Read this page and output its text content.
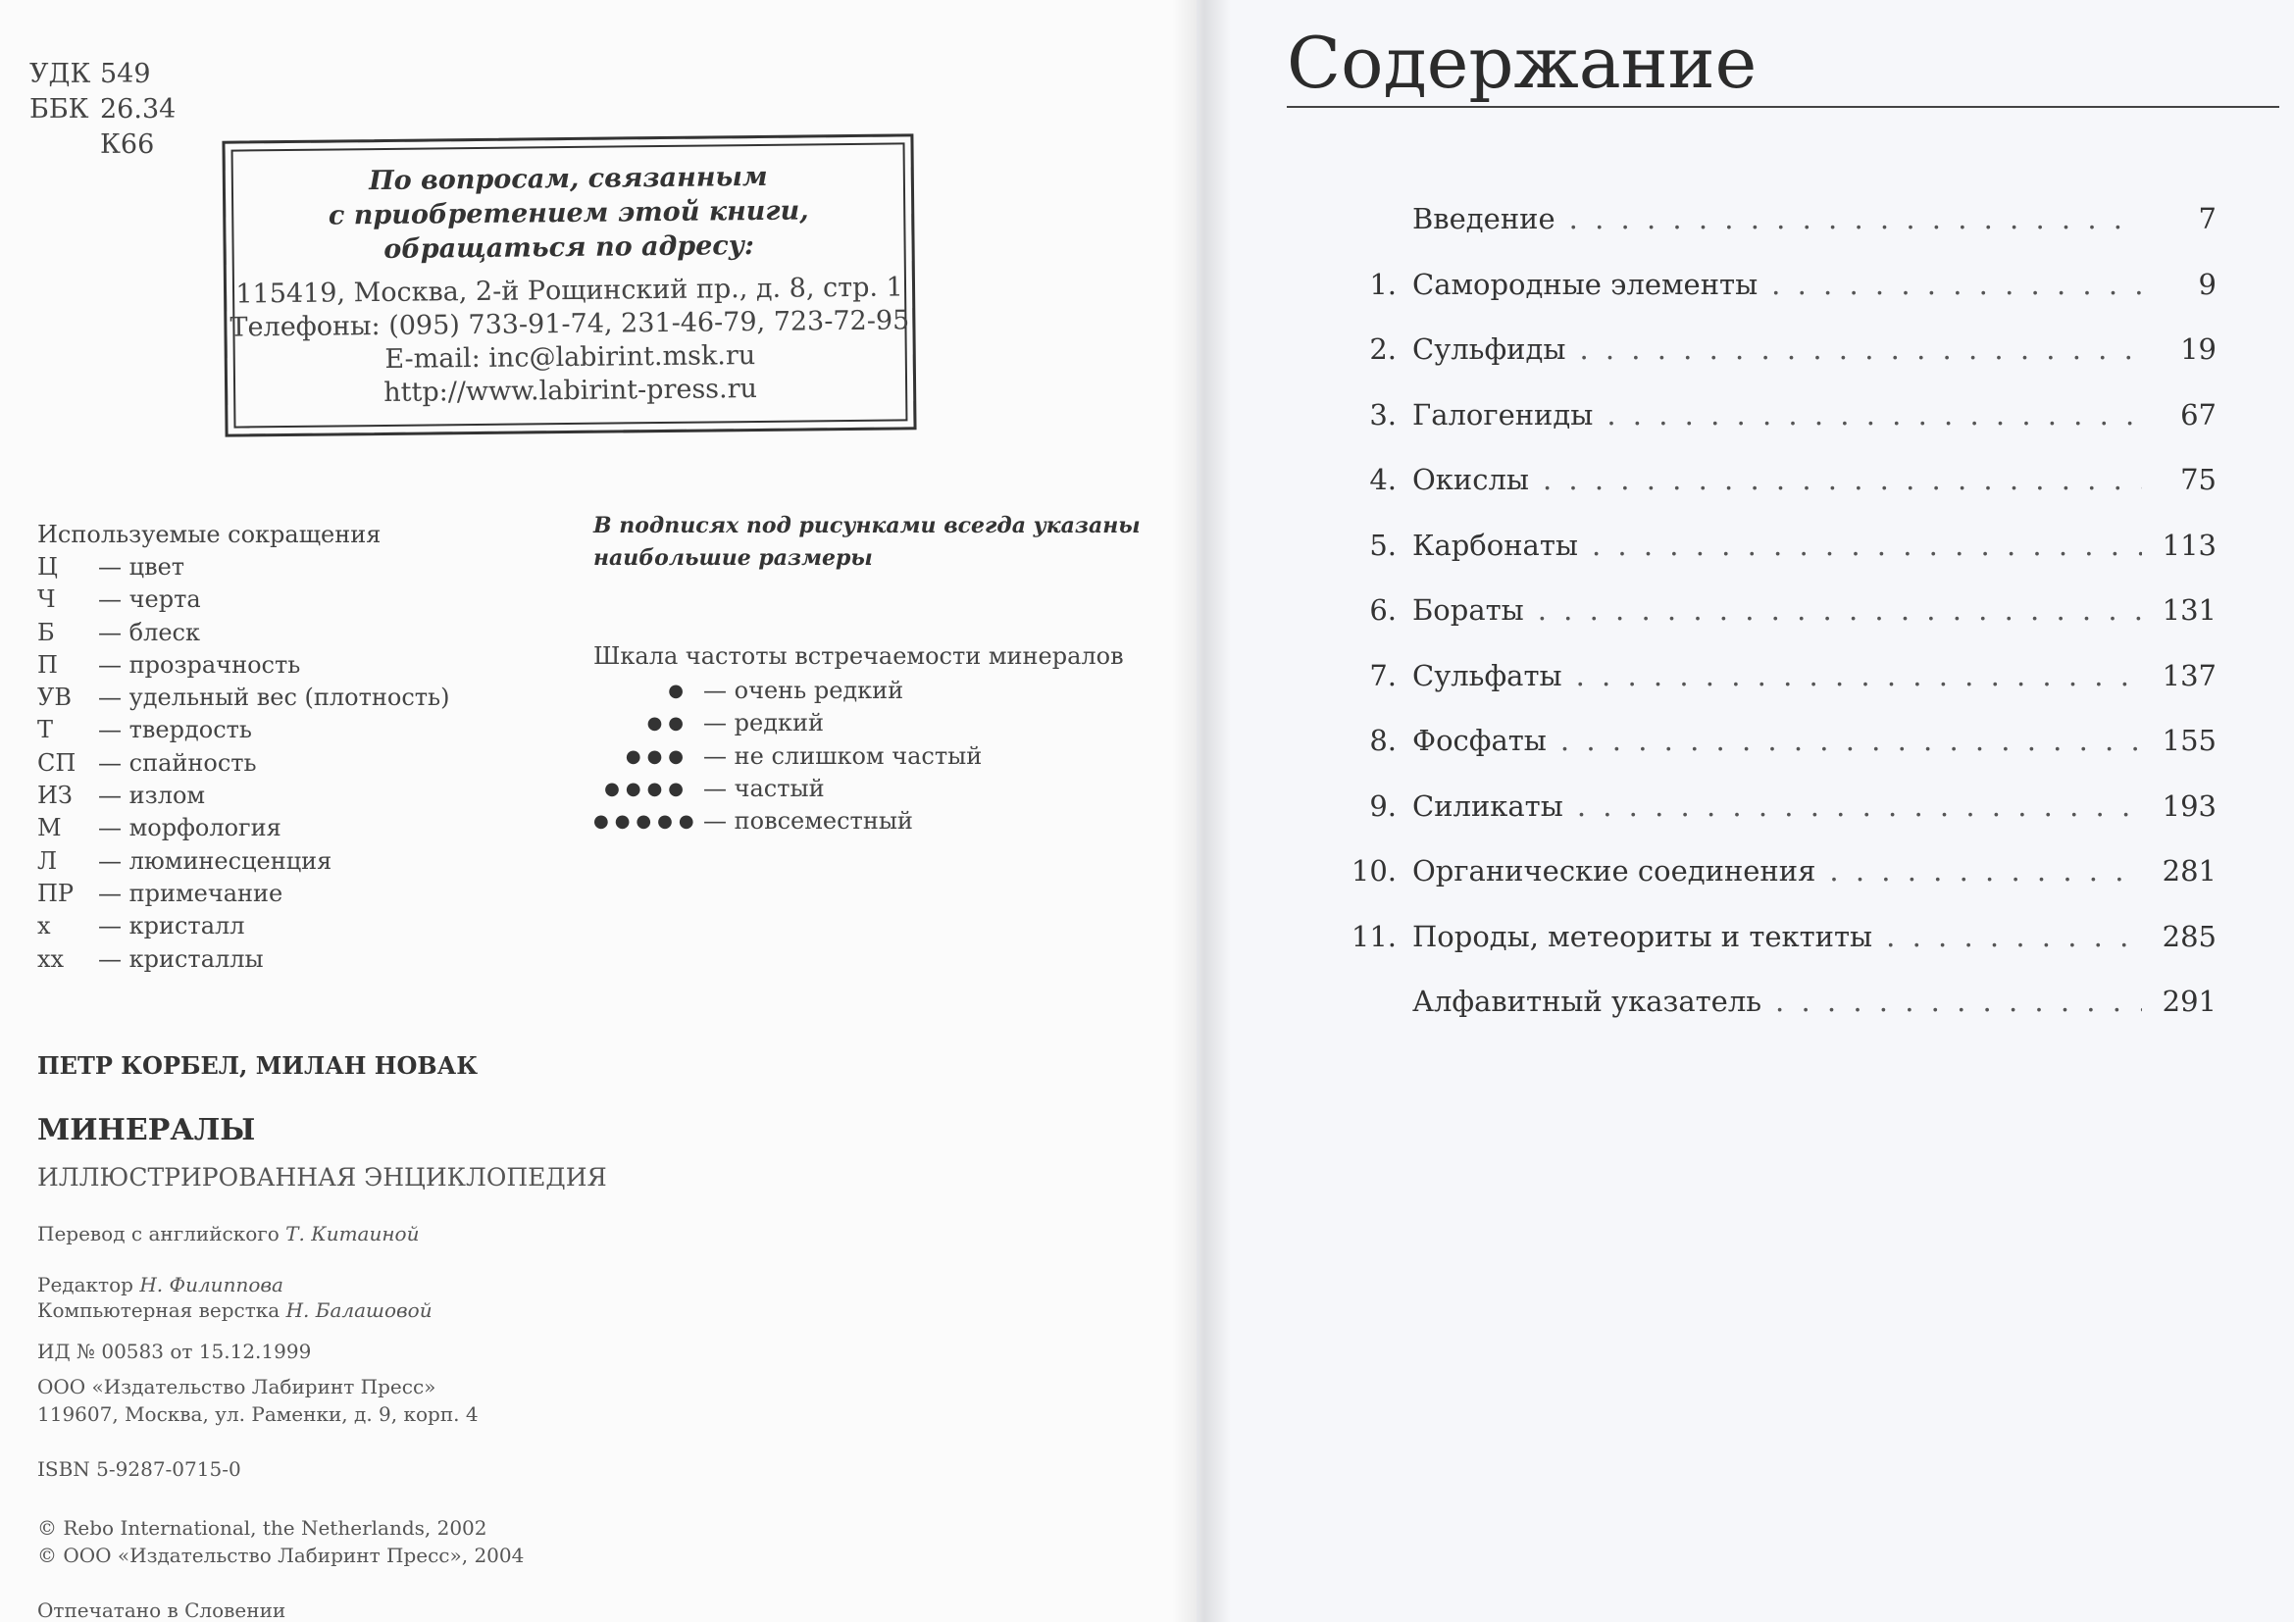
УДК 549
ББК 26.34
К66
По вопросам, связанным
с приобретением этой книги,
обращаться по адресу:
115419, Москва, 2-й Рощинский пр., д. 8, стр. 1
Телефоны: (095) 733-91-74, 231-46-79, 723-72-95
E-mail: inc@labirint.msk.ru
http://www.labirint-press.ru
Используемые сокращения
Ц	— цвет
Ч	— черта
Б	— блеск
П	— прозрачность
УВ	— удельный вес (плотность)
Т	— твердость
СП — спайность
ИЗ	— излом
М	— морфология
Л	— люминесценция
ПР	— примечание
х	— кристалл
хх	— кристаллы
В подписях под рисунками всегда указаны наибольшие размеры
Шкала частоты встречаемости минералов
● — очень редкий
●● — редкий
●●● — не слишком частый
●●●● — частый
●●●●● — повсеместный
ПЕТР КОРБЕЛ, МИЛАН НОВАК
МИНЕРАЛЫ
ИЛЛЮСТРИРОВАННАЯ ЭНЦИКЛОПЕДИЯ
Перевод с английского Т. Китаиной
Редактор Н. Филиппова
Компьютерная верстка Н. Балашовой
ИД № 00583 от 15.12.1999
ООО «Издательство Лабиринт Пресс»
119607, Москва, ул. Раменки, д. 9, корп. 4
ISBN 5-9287-0715-0
© Rebo International, the Netherlands, 2002
© ООО «Издательство Лабиринт Пресс», 2004
Отпечатано в Словении
Содержание
Введение . . .	7
1. Самородные элементы . . .	9
2. Сульфиды . . .	19
3. Галогениды . . .	67
4. Окислы . . .	75
5. Карбонаты . . .	113
6. Бораты . . .	131
7. Сульфаты . . .	137
8. Фосфаты . . .	155
9. Силикаты . . .	193
10. Органические соединения . . .	281
11. Породы, метеориты и тектиты . . .	285
Алфавитный указатель . . .	291
